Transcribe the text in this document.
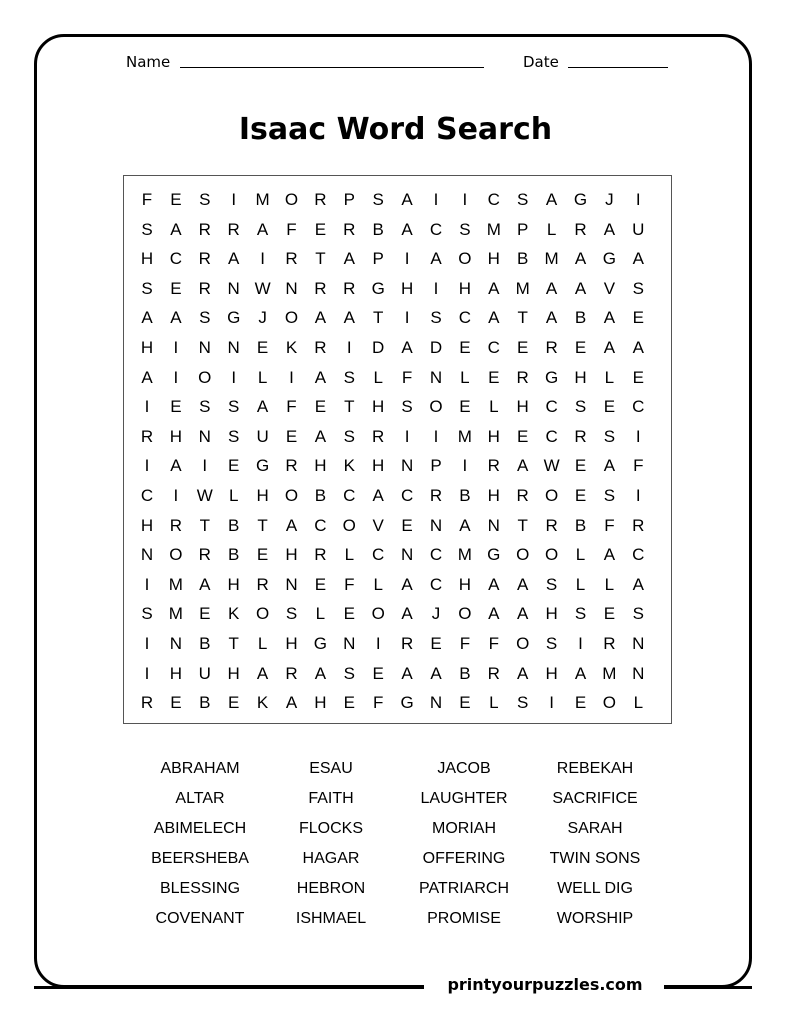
Name	Date
Isaac Word Search
F	E	S	I	M O R	P	S	A	I	I	C	S	A G	J	I
S	A	R R	A	F	E	R	B	A	C	S M P	L	R	A	U
H C R	A	I	R	T	A	P	I	A O H	B M A G A
S	E	R N W N R R G H	I	H	A M A	A	V	S
A	A	S G	J	O A	A	T	I	S	C	A	T	A	B	A	E
H	I	N N	E	K	R	I	D	A	D	E	C	E	R	E	A	A
A	I	O	I	L	I	A	S	L	F	N	L	E	R G H	L	E
I	E	S	S	A	F	E	T	H	S O E	L	H C	S	E	C
R H N	S	U	E	A	S	R	I	I	M H	E	C R	S	I
I	A	I	E G R H	K	H N	P	I	R	A W E	A	F
C	I	W L	H O B	C	A	C R	B	H R O E	S	I
H R	T	B	T	A	C O V	E	N	A	N	T	R	B	F	R
N O R	B	E	H R	L	C N C M G O O	L	A	C
I	M A	H R N	E	F	L	A	C H	A	A	S	L	L	A
S M E	K O S	L	E O A	J	O A	A	H	S	E	S
I	N	B	T	L	H G N	I	R	E	F	F	O S	I	R N
I	H U H	A	R	A	S	E	A	A	B	R	A	H	A M N
R	E	B	E	K	A	H	E	F	G N	E	L	S	I	E O	L
ABRAHAM	ESAU	JACOB	REBEKAH
ALTAR	FAITH	LAUGHTER	SACRIFICE
ABIMELECH	FLOCKS	MORIAH	SARAH
BEERSHEBA	HAGAR	OFFERING	TWIN SONS
BLESSING	HEBRON	PATRIARCH	WELL DIG
COVENANT	ISHMAEL	PROMISE	WORSHIP
printyourpuzzles.com
